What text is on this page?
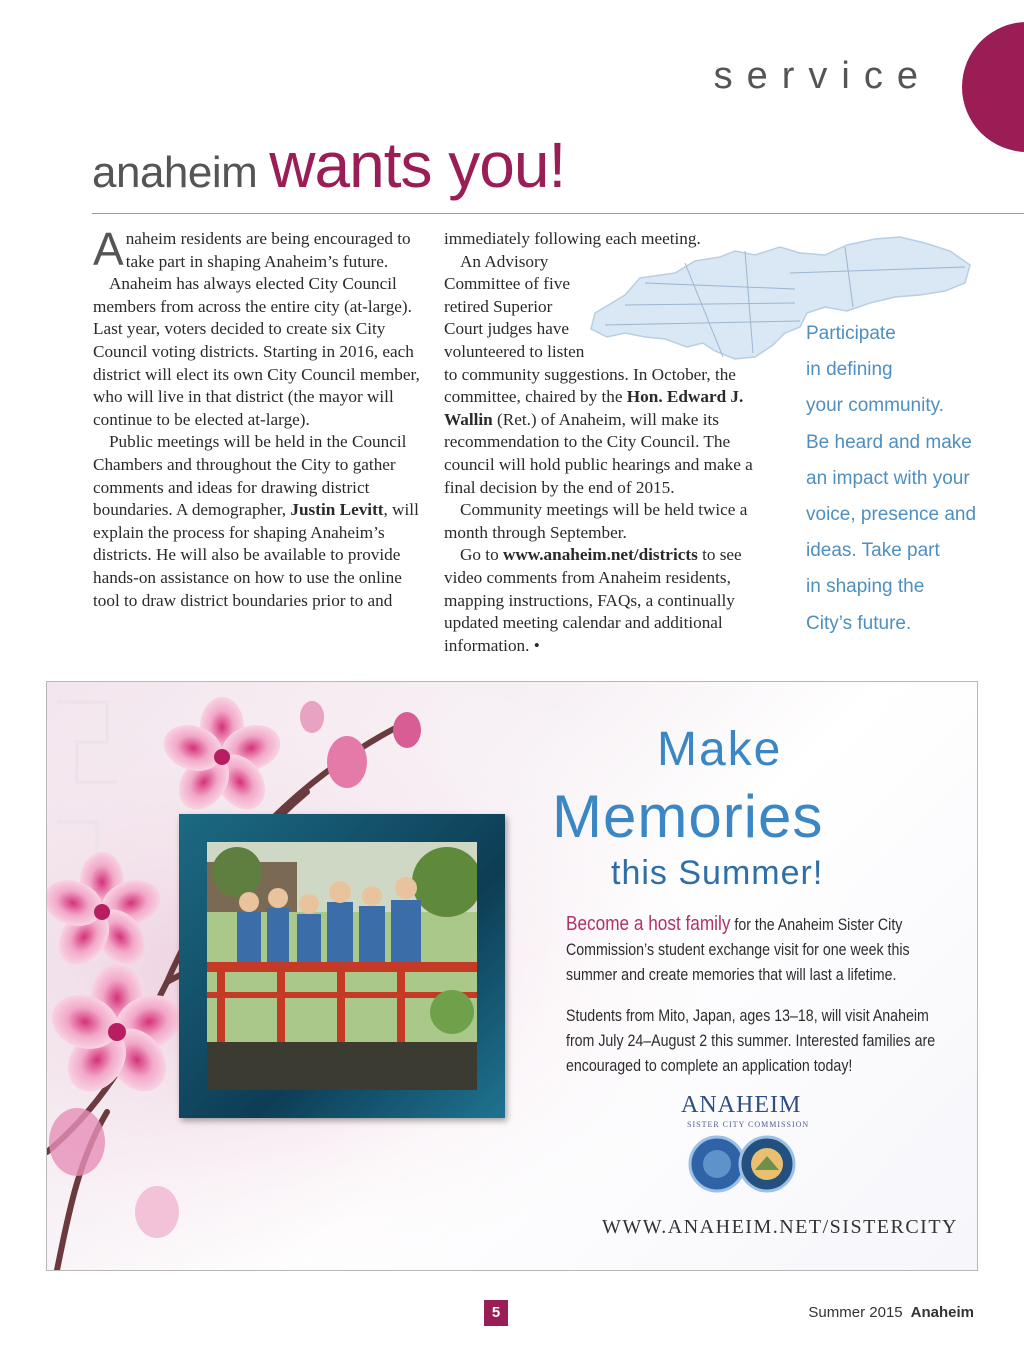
service
anaheim wants you!

Anaheim residents are being encouraged to take part in shaping Anaheim’s future.

Anaheim has always elected City Council members from across the entire city (at-large). Last year, voters decided to create six City Council voting districts. Starting in 2016, each district will elect its own City Council member, who will live in that district (the mayor will continue to be elected at-large).

Public meetings will be held in the Council Chambers and throughout the City to gather comments and ideas for drawing district boundaries. A demographer, Justin Levitt, will explain the process for shaping Anaheim’s districts. He will also be available to provide hands-on assistance on how to use the online tool to draw district boundaries prior to and

immediately following each meeting.

An Advisory Committee of five retired Superior Court judges have volunteered to listen to community suggestions. In October, the committee, chaired by the Hon. Edward J. Wallin (Ret.) of Anaheim, will make its recommendation to the City Council. The council will hold public hearings and make a final decision by the end of 2015.

Community meetings will be held twice a month through September.

Go to www.anaheim.net/districts to see video comments from Anaheim residents, mapping instructions, FAQs, a continually updated meeting calendar and additional information. •

Participate
in defining
your community.
Be heard and make
an impact with your
voice, presence and
ideas. Take part
in shaping the
City’s future.
Make
Memories
this Summer!
Become a host family for the Anaheim Sister City Commission’s student exchange visit for one week this summer and create memories that will last a lifetime.
Students from Mito, Japan, ages 13–18, will visit Anaheim from July 24–August 2 this summer. Interested families are encouraged to complete an application today!
ANAHEIM
SISTER CITY COMMISSION
WWW.ANAHEIM.NET/SISTERCITY
5	Summer 2015 Anaheim
